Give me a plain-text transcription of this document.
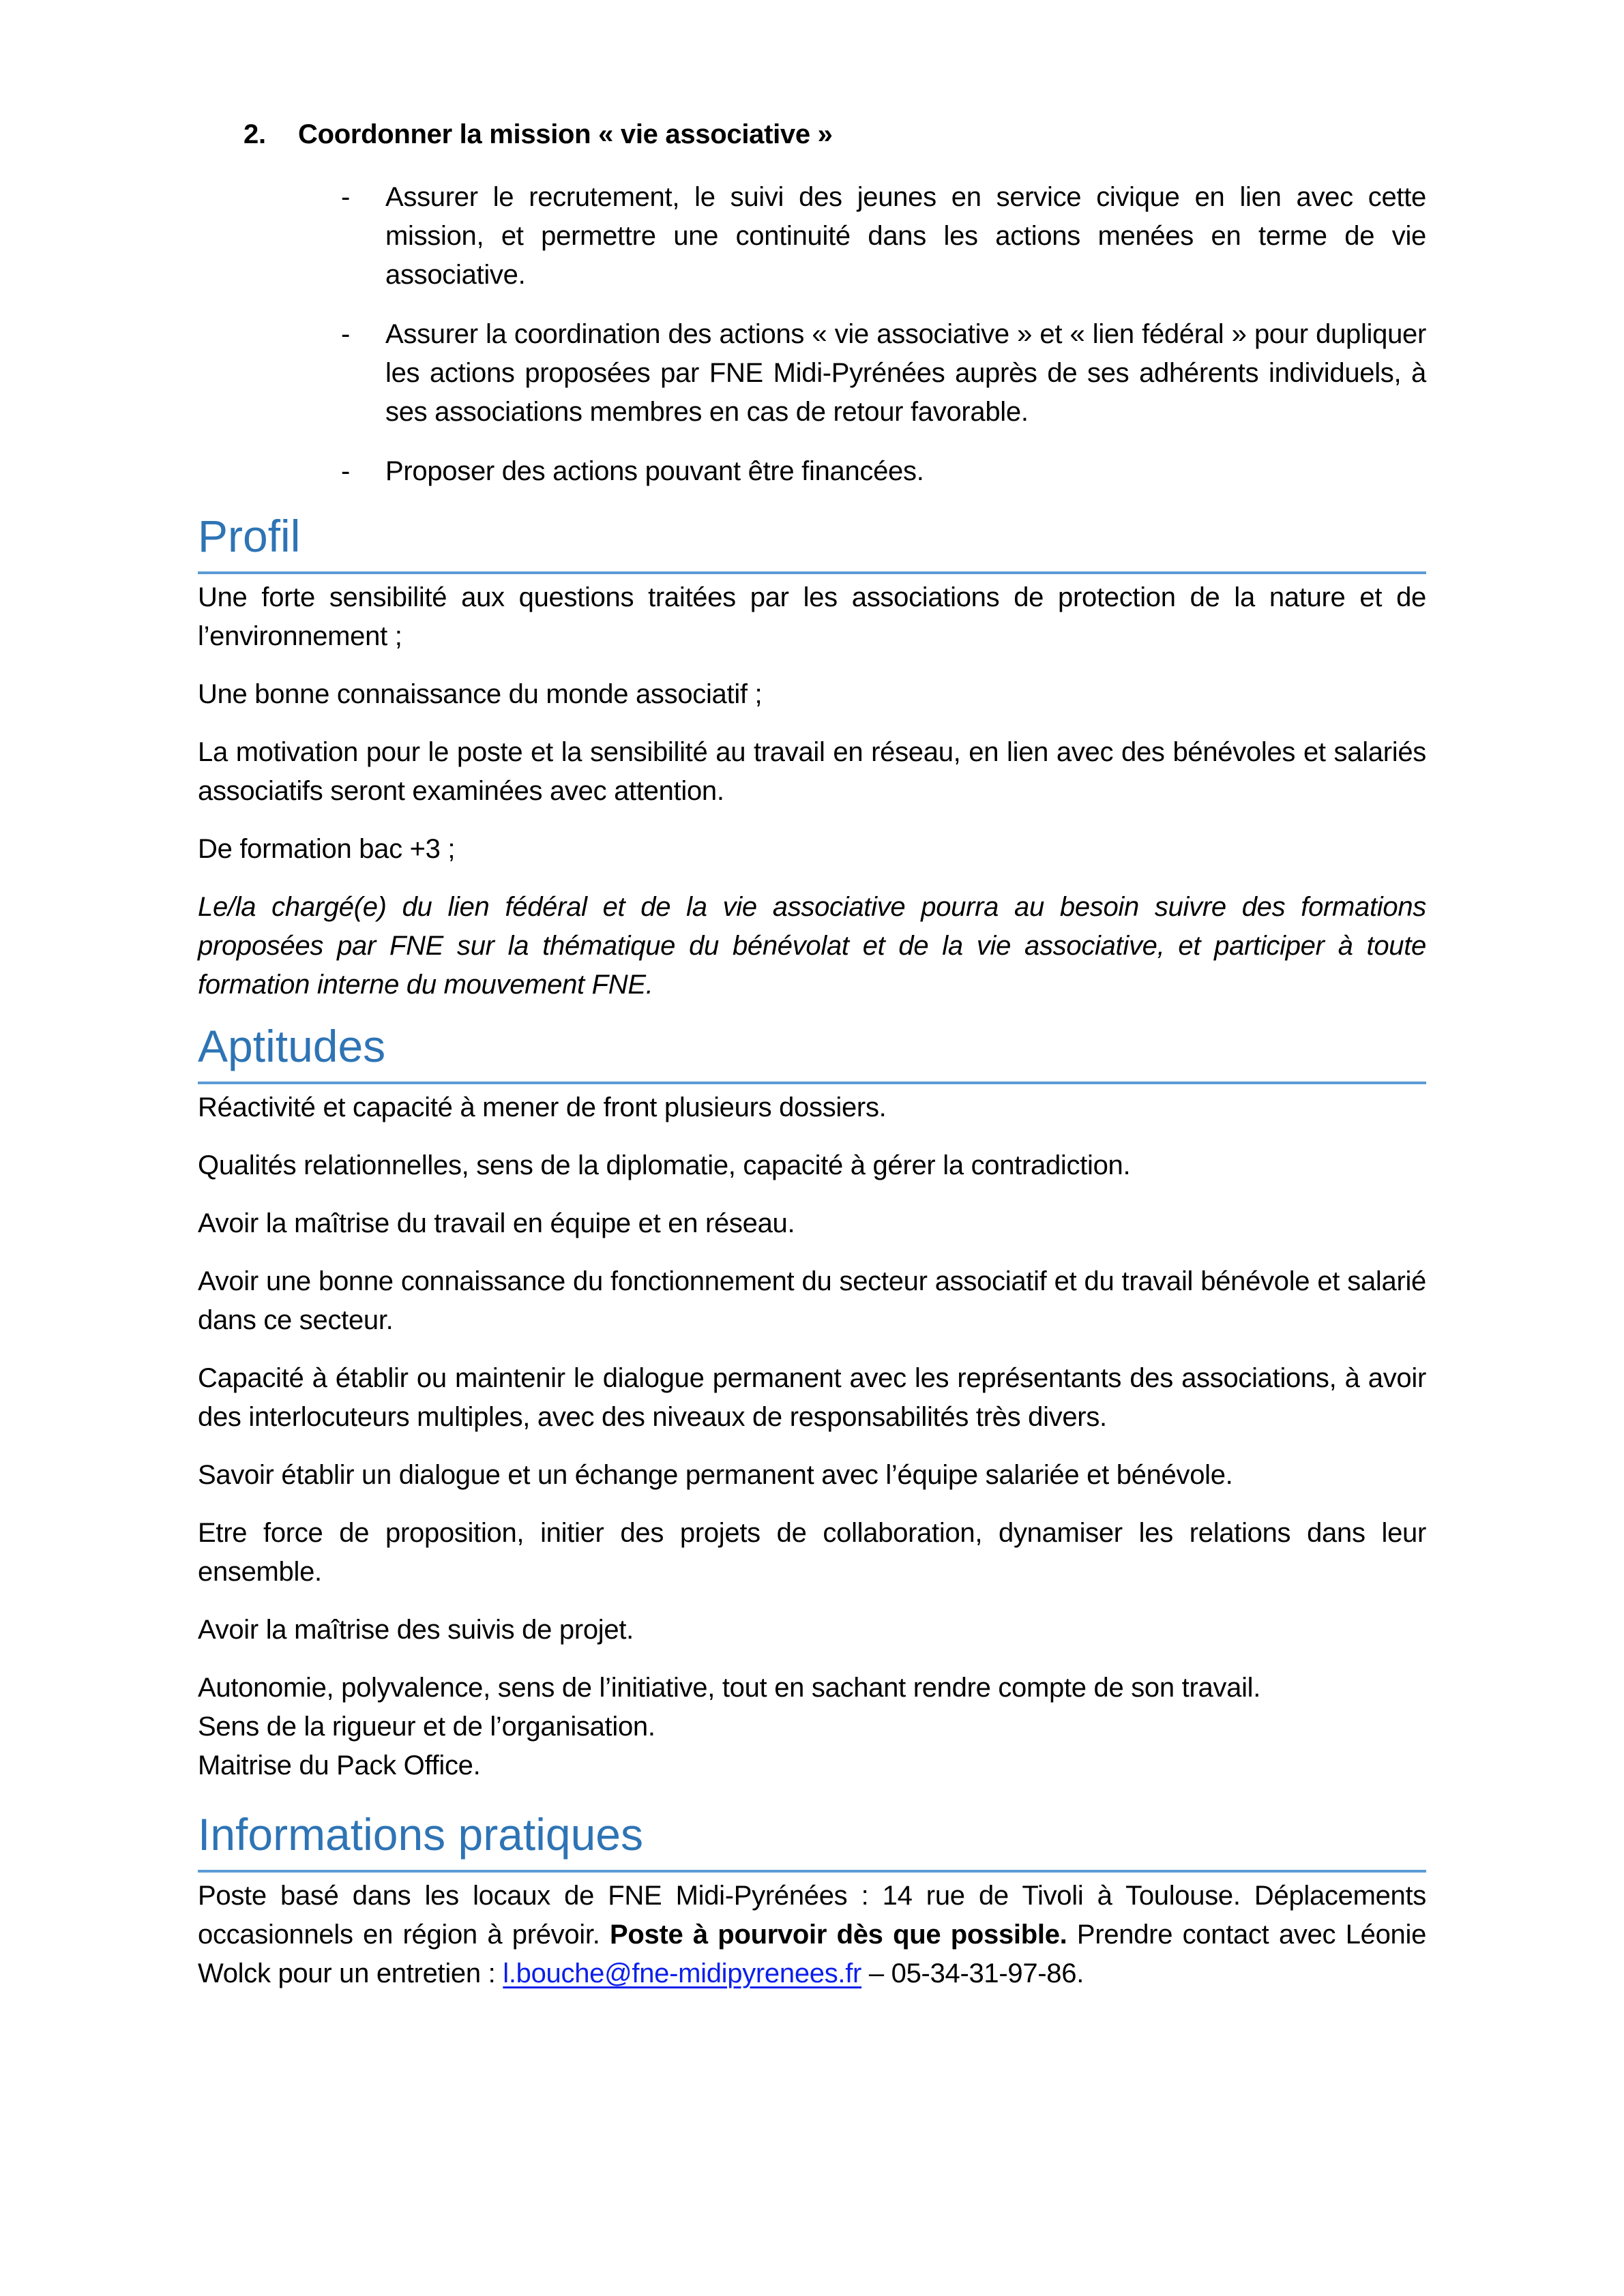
2. Coordonner la mission « vie associative »
- Assurer le recrutement, le suivi des jeunes en service civique en lien avec cette mission, et permettre une continuité dans les actions menées en terme de vie associative.
- Assurer la coordination des actions « vie associative » et « lien fédéral » pour dupliquer les actions proposées par FNE Midi-Pyrénées auprès de ses adhérents individuels, à ses associations membres en cas de retour favorable.
- Proposer des actions pouvant être financées.
Profil

Une forte sensibilité aux questions traitées par les associations de protection de la nature et de l’environnement ;

Une bonne connaissance du monde associatif ;

La motivation pour le poste et la sensibilité au travail en réseau, en lien avec des bénévoles et salariés associatifs seront examinées avec attention.

De formation bac +3 ;

Le/la chargé(e) du lien fédéral et de la vie associative pourra au besoin suivre des formations proposées par FNE sur la thématique du bénévolat et de la vie associative, et participer à toute formation interne du mouvement FNE.

Aptitudes

Réactivité et capacité à mener de front plusieurs dossiers.

Qualités relationnelles, sens de la diplomatie, capacité à gérer la contradiction.

Avoir la maîtrise du travail en équipe et en réseau.

Avoir une bonne connaissance du fonctionnement du secteur associatif et du travail bénévole et salarié dans ce secteur.

Capacité à établir ou maintenir le dialogue permanent avec les représentants des associations, à avoir des interlocuteurs multiples, avec des niveaux de responsabilités très divers.

Savoir établir un dialogue et un échange permanent avec l’équipe salariée et bénévole.

Etre force de proposition, initier des projets de collaboration, dynamiser les relations dans leur ensemble.

Avoir la maîtrise des suivis de projet.

Autonomie, polyvalence, sens de l’initiative, tout en sachant rendre compte de son travail.
Sens de la rigueur et de l’organisation.
Maitrise du Pack Office.
Informations pratiques

Poste basé dans les locaux de FNE Midi-Pyrénées : 14 rue de Tivoli à Toulouse. Déplacements occasionnels en région à prévoir. Poste à pourvoir dès que possible. Prendre contact avec Léonie Wolck pour un entretien : l.bouche@fne-midipyrenees.fr – 05-34-31-97-86.
